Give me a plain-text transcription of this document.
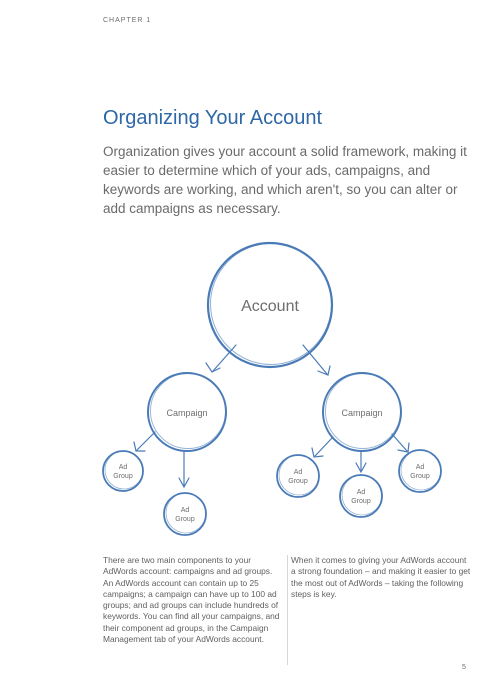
CHAPTER 1
Organizing Your Account

Organization gives your account a solid framework, making it easier to determine which of your ads, campaigns, and keywords are working, and which aren't, so you can alter or add campaigns as necessary.

Account
Campaign	Campaign
Ad
Group
Ad
Group
Ad
Group
Ad
Group
Ad
Group

There are two main components to your AdWords account: campaigns and ad groups. An AdWords account can contain up to 25 campaigns; a campaign can have up to 100 ad groups; and ad groups can include hundreds of keywords. You can find all your campaigns, and their component ad groups, in the Campaign Management tab of your AdWords account.

When it comes to giving your AdWords account a strong foundation – and making it easier to get the most out of AdWords – taking the following steps is key.

5
